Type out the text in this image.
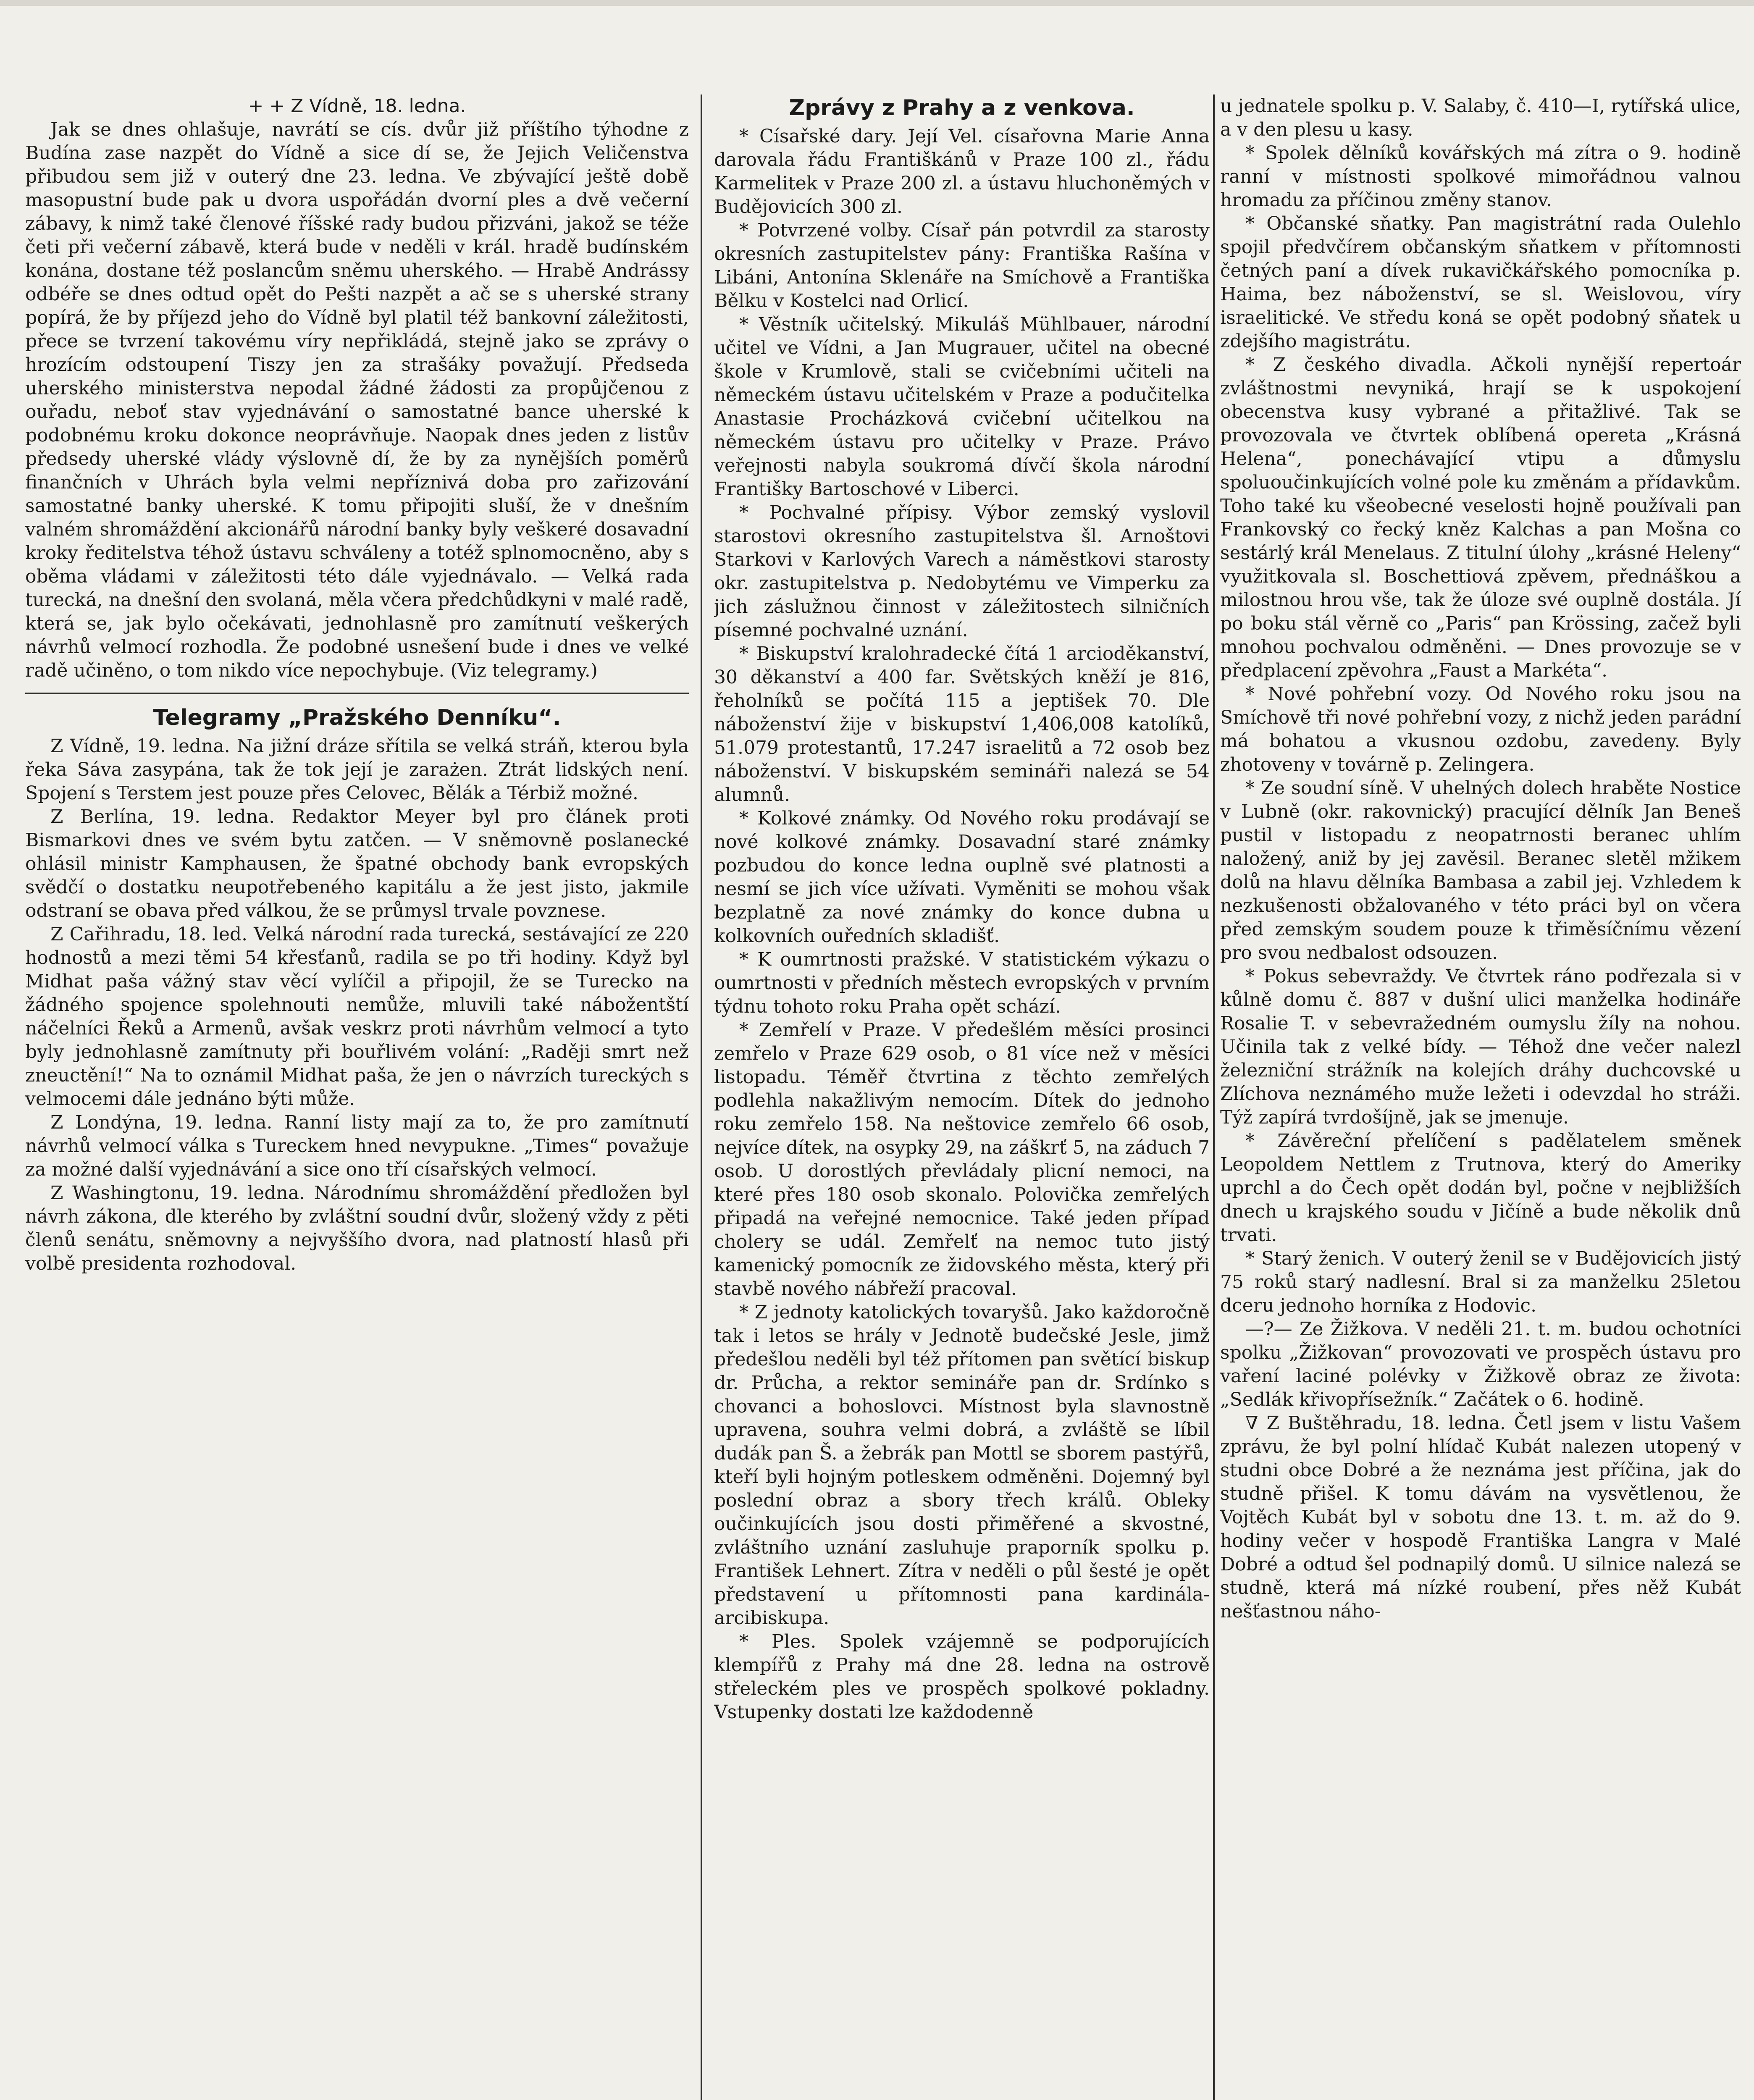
+ + Z Vídně, 18. ledna.

Jak se dnes ohlašuje, navrátí se cís. dvůr již příštího týhodne z Budína zase nazpět do Vídně a sice dí se, že Jejich Veličenstva přibudou sem již v outerý dne 23. ledna. Ve zbývající ještě době masopustní bude pak u dvora uspořádán dvorní ples a dvě večerní zábavy, k nimž také členové říšské rady budou přizváni, jakož se téže četi při večerní zábavě, která bude v neděli v král. hradě budínském konána, dostane též poslancům sněmu uherského. — Hrabě Andrássy odbéře se dnes odtud opět do Pešti nazpět a ač se s uherské strany popírá, že by příjezd jeho do Vídně byl platil též bankovní záležitosti, přece se tvrzení takovému víry nepřikládá, stejně jako se zprávy o hrozícím odstoupení Tiszy jen za strašáky považují. Předseda uherského ministerstva nepodal žádné žádosti za propůjčenou z ouřadu, neboť stav vyjednávání o samostatné bance uherské k podobnému kroku dokonce neoprávňuje. Naopak dnes jeden z listův předsedy uherské vlády výslovně dí, že by za nynějších poměrů finančních v Uhrách byla velmi nepříznivá doba pro zařizování samostatné banky uherské. K tomu připojiti sluší, že v dnešním valném shromáždění akcionářů národní banky byly veškeré dosavadní kroky ředitelstva téhož ústavu schváleny a totéž splnomocněno, aby s oběma vládami v záležitosti této dále vyjednávalo. — Velká rada turecká, na dnešní den svolaná, měla včera předchůdkyni v malé radě, která se, jak bylo očekávati, jednohlasně pro zamítnutí veškerých návrhů velmocí rozhodla. Že podobné usnešení bude i dnes ve velké radě učiněno, o tom nikdo více nepochybuje. (Viz telegramy.)

Telegramy „Pražského Denníku“.

Z Vídně, 19. ledna. Na jižní dráze sřítila se velká stráň, kterou byla řeka Sáva zasypána, tak že tok její je zarażen. Ztrát lidských není. Spojení s Terstem jest pouze přes Celovec, Bělák a Térbiž možné.

Z Berlína, 19. ledna. Redaktor Meyer byl pro článek proti Bismarkovi dnes ve svém bytu zatčen. — V sněmovně poslanecké ohlásil ministr Kamphausen, že špatné obchody bank evropských svědčí o dostatku neupotřebeného kapitálu a že jest jisto, jakmile odstraní se obava před válkou, že se průmysl trvale povznese.

Z Cařihradu, 18. led. Velká národní rada turecká, sestávající ze 220 hodnostů a mezi těmi 54 křesťanů, radila se po tři hodiny. Když byl Midhat paša vážný stav věcí vylíčil a připojil, že se Turecko na žádného spojence spolehnouti nemůže, mluvili také nábožentští náčelníci Řeků a Armenů, avšak veskrz proti návrhům velmocí a tyto byly jednohlasně zamítnuty při bouřlivém volání: „Raději smrt než zneuctění!“ Na to oznámil Midhat paša, že jen o návrzích tureckých s velmocemi dále jednáno býti může.

Z Londýna, 19. ledna. Ranní listy mají za to, že pro zamítnutí návrhů velmocí válka s Tureckem hned nevypukne. „Times“ považuje za možné další vyjednávání a sice ono tří císařských velmocí.

Z Washingtonu, 19. ledna. Národnímu shromáždění předložen byl návrh zákona, dle kterého by zvláštní soudní dvůr, složený vždy z pěti členů senátu, sněmovny a nejvyššího dvora, nad platností hlasů při volbě presidenta rozhodoval.

Zprávy z Prahy a z venkova.

* Císařské dary. Její Vel. císařovna Marie Anna darovala řádu Františkánů v Praze 100 zl., řádu Karmelitek v Praze 200 zl. a ústavu hluchoněmých v Budějovicích 300 zl.

* Potvrzené volby. Císař pán potvrdil za starosty okresních zastupitelstev pány: Františka Rašína v Libáni, Antonína Sklenáře na Smíchově a Františka Bělku v Kostelci nad Orlicí.

* Věstník učitelský. Mikuláš Mühlbauer, národní učitel ve Vídni, a Jan Mugrauer, učitel na obecné škole v Krumlově, stali se cvičebními učiteli na německém ústavu učitelském v Praze a podučitelka Anastasie Procházková cvičební učitelkou na německém ústavu pro učitelky v Praze. Právo veřejnosti nabyla soukromá dívčí škola národní Františky Bartoschové v Liberci.

* Pochvalné přípisy. Výbor zemský vyslovil starostovi okresního zastupitelstva šl. Arnoštovi Starkovi v Karlových Varech a náměstkovi starosty okr. zastupitelstva p. Nedobytému ve Vimperku za jich záslužnou činnost v záležitostech silničních písemné pochvalné uznání.

* Biskupství kralohradecké čítá 1 arcioděkanství, 30 děkanství a 400 far. Světských kněží je 816, řeholníků se počítá 115 a jeptišek 70. Dle náboženství žije v biskupství 1,406,008 katolíků, 51.079 protestantů, 17.247 israelitů a 72 osob bez náboženství. V biskupském semináři nalezá se 54 alumnů.

* Kolkové známky. Od Nového roku prodávají se nové kolkové známky. Dosavadní staré známky pozbudou do konce ledna ouplně své platnosti a nesmí se jich více užívati. Vyměniti se mohou však bezplatně za nové známky do konce dubna u kolkovních ouředních skladišť.

* K oumrtnosti pražské. V statistickém výkazu o oumrtnosti v předních městech evropských v prvním týdnu tohoto roku Praha opět schází.

* Zemřelí v Praze. V předešlém měsíci prosinci zemřelo v Praze 629 osob, o 81 více než v měsíci listopadu. Téměř čtvrtina z těchto zemřelých podlehla nakažlivým nemocím. Dítek do jednoho roku zemřelo 158. Na neštovice zemřelo 66 osob, nejvíce dítek, na osypky 29, na záškrť 5, na záduch 7 osob. U dorostlých převládaly plicní nemoci, na které přes 180 osob skonalo. Polovička zemřelých připadá na veřejné nemocnice. Také jeden případ cholery se udál. Zemřelť na nemoc tuto jistý kamenický pomocník ze židovského města, který při stavbě nového nábřeží pracoval.

* Z jednoty katolických tovaryšů. Jako každoročně tak i letos se hrály v Jednotě budečské Jesle, jimž předešlou neděli byl též přítomen pan světící biskup dr. Průcha, a rektor semináře pan dr. Srdínko s chovanci a bohoslovci. Místnost byla slavnostně upravena, souhra velmi dobrá, a zvláště se líbil dudák pan Š. a žebrák pan Mottl se sborem pastýřů, kteří byli hojným potleskem odměněni. Dojemný byl poslední obraz a sbory třech králů. Obleky oučinkujících jsou dosti přiměřené a skvostné, zvláštního uznání zasluhuje praporník spolku p. František Lehnert. Zítra v neděli o půl šesté je opět představení u přítomnosti pana kardinála-arcibiskupa.

* Ples. Spolek vzájemně se podporujících klempířů z Prahy má dne 28. ledna na ostrově střeleckém ples ve prospěch spolkové pokladny. Vstupenky dostati lze každodenně

u jednatele spolku p. V. Salaby, č. 410—I, rytířská ulice, a v den plesu u kasy.

* Spolek dělníků kovářských má zítra o 9. hodině ranní v místnosti spolkové mimořádnou valnou hromadu za příčinou změny stanov.

* Občanské sňatky. Pan magistrátní rada Oulehlo spojil předvčírem občanským sňatkem v přítomnosti četných paní a dívek rukavičkářského pomocníka p. Haima, bez náboženství, se sl. Weislovou, víry israelitické. Ve středu koná se opět podobný sňatek u zdejšího magistrátu.

* Z českého divadla. Ačkoli nynější repertoár zvláštnostmi nevyniká, hrají se k uspokojení obecenstva kusy vybrané a přitažlivé. Tak se provozovala ve čtvrtek oblíbená opereta „Krásná Helena“, ponechávající vtipu a důmyslu spoluoučinkujících volné pole ku změnám a přídavkům. Toho také ku všeobecné veselosti hojně používali pan Frankovský co řecký kněz Kalchas a pan Mošna co sestárlý král Menelaus. Z titulní úlohy „krásné Heleny“ využitkovala sl. Boschettiová zpěvem, přednáškou a milostnou hrou vše, tak že úloze své ouplně dostála. Jí po boku stál věrně co „Paris“ pan Krössing, začež byli mnohou pochvalou odměněni. — Dnes provozuje se v předplacení zpěvohra „Faust a Markéta“.

* Nové pohřební vozy. Od Nového roku jsou na Smíchově tři nové pohřební vozy, z nichž jeden parádní má bohatou a vkusnou ozdobu, zavedeny. Byly zhotoveny v továrně p. Zelingera.

* Ze soudní síně. V uhelných dolech hraběte Nostice v Lubně (okr. rakovnický) pracující dělník Jan Beneš pustil v listopadu z neopatrnosti beranec uhlím naložený, aniž by jej zavěsil. Beranec sletěl mžikem dolů na hlavu dělníka Bambasa a zabil jej. Vzhledem k nezkušenosti obžalovaného v této práci byl on včera před zemským soudem pouze k třiměsíčnímu vězení pro svou nedbalost odsouzen.

* Pokus sebevraždy. Ve čtvrtek ráno podřezala si v kůlně domu č. 887 v dušní ulici manželka hodináře Rosalie T. v sebevražedném oumyslu žíly na nohou. Učinila tak z velké bídy. — Téhož dne večer nalezl železniční strážník na kolejích dráhy duchcovské u Zlíchova neznámého muže ležeti i odevzdal ho stráži. Týž zapírá tvrdošíjně, jak se jmenuje.

* Závěreční přelíčení s padělatelem směnek Leopoldem Nettlem z Trutnova, který do Ameriky uprchl a do Čech opět dodán byl, počne v nejbližších dnech u krajského soudu v Jičíně a bude několik dnů trvati.

* Starý ženich. V outerý ženil se v Budějovicích jistý 75 roků starý nadlesní. Bral si za manželku 25letou dceru jednoho horníka z Hodovic.

—?— Ze Žižkova. V neděli 21. t. m. budou ochotníci spolku „Žižkovan“ provozovati ve prospěch ústavu pro vaření laciné polévky v Žižkově obraz ze života: „Sedlák křivopřísežník.“ Začátek o 6. hodině.

∇ Z Buštěhradu, 18. ledna. Četl jsem v listu Vašem zprávu, že byl polní hlídač Kubát nalezen utopený v studni obce Dobré a že neznáma jest příčina, jak do studně přišel. K tomu dávám na vysvětlenou, že Vojtěch Kubát byl v sobotu dne 13. t. m. až do 9. hodiny večer v hospodě Františka Langra v Malé Dobré a odtud šel podnapilý domů. U silnice nalezá se studně, která má nízké roubení, přes něž Kubát nešťastnou náho-
